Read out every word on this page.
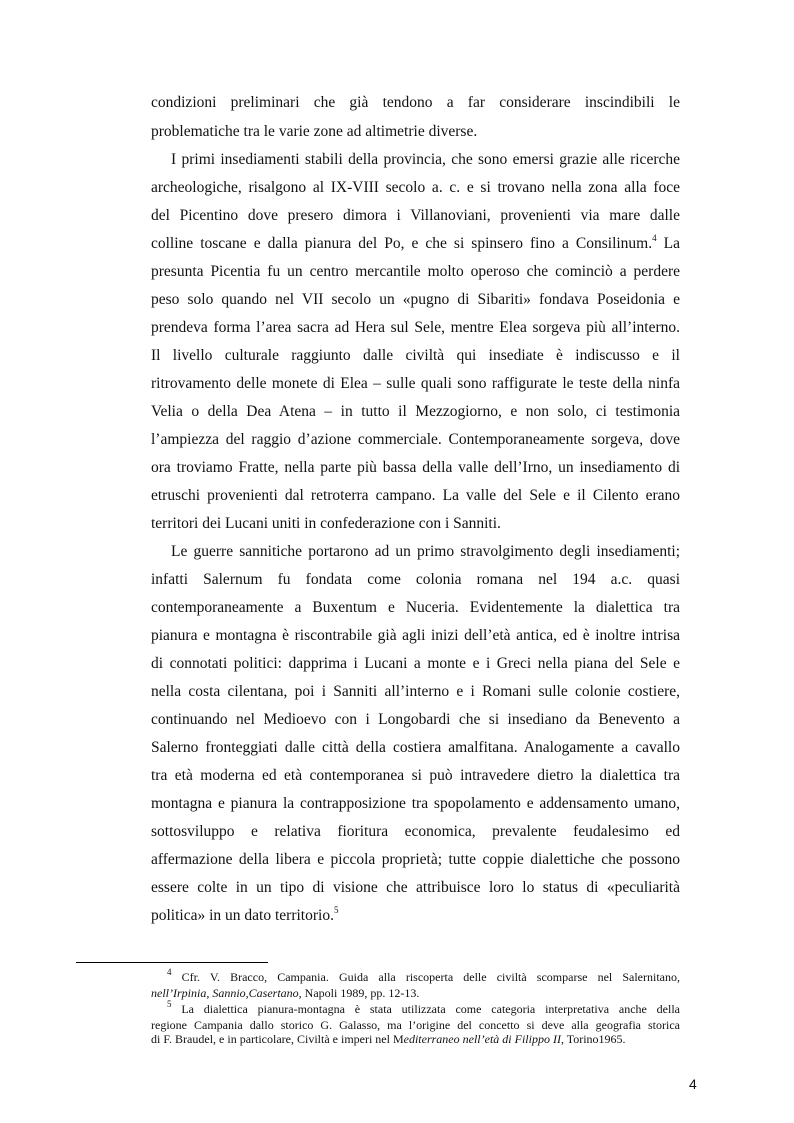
condizioni preliminari che già tendono a far considerare inscindibili le

problematiche tra le varie zone ad altimetrie diverse.

I primi insediamenti stabili della provincia, che sono emersi grazie alle ricerche

archeologiche, risalgono al IX-VIII secolo a. c. e si trovano nella zona alla foce

del Picentino dove presero dimora i Villanoviani, provenienti via mare dalle

colline toscane e dalla pianura del Po, e che si spinsero fino a Consilinum.$^4$ La

presunta Picentia fu un centro mercantile molto operoso che cominciò a perdere

peso solo quando nel VII secolo un «pugno di Sibariti» fondava Poseidonia e

prendeva forma l’area sacra ad Hera sul Sele, mentre Elea sorgeva più all’interno.

Il livello culturale raggiunto dalle civiltà qui insediate è indiscusso e il

ritrovamento delle monete di Elea – sulle quali sono raffigurate le teste della ninfa

Velia o della Dea Atena – in tutto il Mezzogiorno, e non solo, ci testimonia

l’ampiezza del raggio d’azione commerciale. Contemporaneamente sorgeva, dove

ora troviamo Fratte, nella parte più bassa della valle dell’Irno, un insediamento di

etruschi provenienti dal retroterra campano. La valle del Sele e il Cilento erano

territori dei Lucani uniti in confederazione con i Sanniti.

Le guerre sannitiche portarono ad un primo stravolgimento degli insediamenti;

infatti Salernum fu fondata come colonia romana nel 194 a.c. quasi

contemporaneamente a Buxentum e Nuceria. Evidentemente la dialettica tra

pianura e montagna è riscontrabile già agli inizi dell’età antica, ed è inoltre intrisa

di connotati politici: dapprima i Lucani a monte e i Greci nella piana del Sele e

nella costa cilentana, poi i Sanniti all’interno e i Romani sulle colonie costiere,

continuando nel Medioevo con i Longobardi che si insediano da Benevento a

Salerno fronteggiati dalle città della costiera amalfitana. Analogamente a cavallo

tra età moderna ed età contemporanea si può intravedere dietro la dialettica tra

montagna e pianura la contrapposizione tra spopolamento e addensamento umano,

sottosviluppo e relativa fioritura economica, prevalente feudalesimo ed

affermazione della libera e piccola proprietà; tutte coppie dialettiche che possono

essere colte in un tipo di visione che attribuisce loro lo status di «peculiarità

politica» in un dato territorio.$^5$

$^4$ Cfr. V. Bracco, Campania. Guida alla riscoperta delle civiltà scomparse nel Salernitano,

nell’Irpinia, Sannio,Casertano, Napoli 1989, pp. 12-13.

$^5$ La dialettica pianura-montagna è stata utilizzata come categoria interpretativa anche della

regione Campania dallo storico G. Galasso, ma l’origine del concetto si deve alla geografia storica

di F. Braudel, e in particolare, Civiltà e imperi nel Mediterraneo nell’età di Filippo II, Torino1965.

4
